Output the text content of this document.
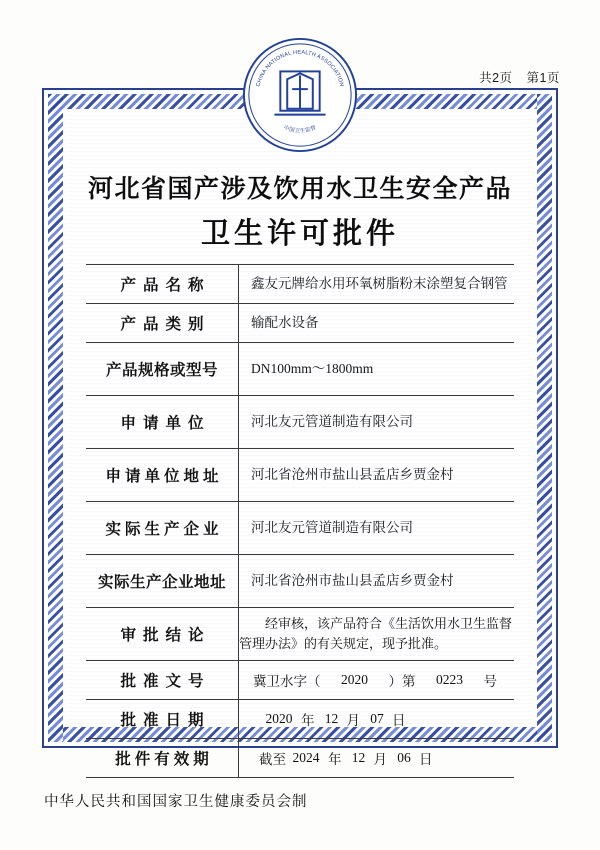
共2页 第1页
河北省国产涉及饮用水卫生安全产品
卫生许可批件
产品名称	鑫友元牌给水用环氧树脂粉末涂塑复合钢管
产品类别	输配水设备
产品规格或型号	DN100mm～1800mm
申请单位	河北友元管道制造有限公司
申请单位地址	河北省沧州市盐山县孟店乡贾金村
实际生产企业	河北友元管道制造有限公司
实际生产企业地址	河北省沧州市盐山县孟店乡贾金村
审批结论	经审核，该产品符合《生活饮用水卫生监督管理办法》的有关规定，现予批准。
批准文号	冀卫水字（ 2020 ）第 0223 号

批准日期	2020 年 12 月 07 日

批件有效期	截至 2024 年 12 月 06 日
CHINA NATIONAL HEALTH ASSOCIATION
中国卫生监督
中华人民共和国国家卫生健康委员会制
